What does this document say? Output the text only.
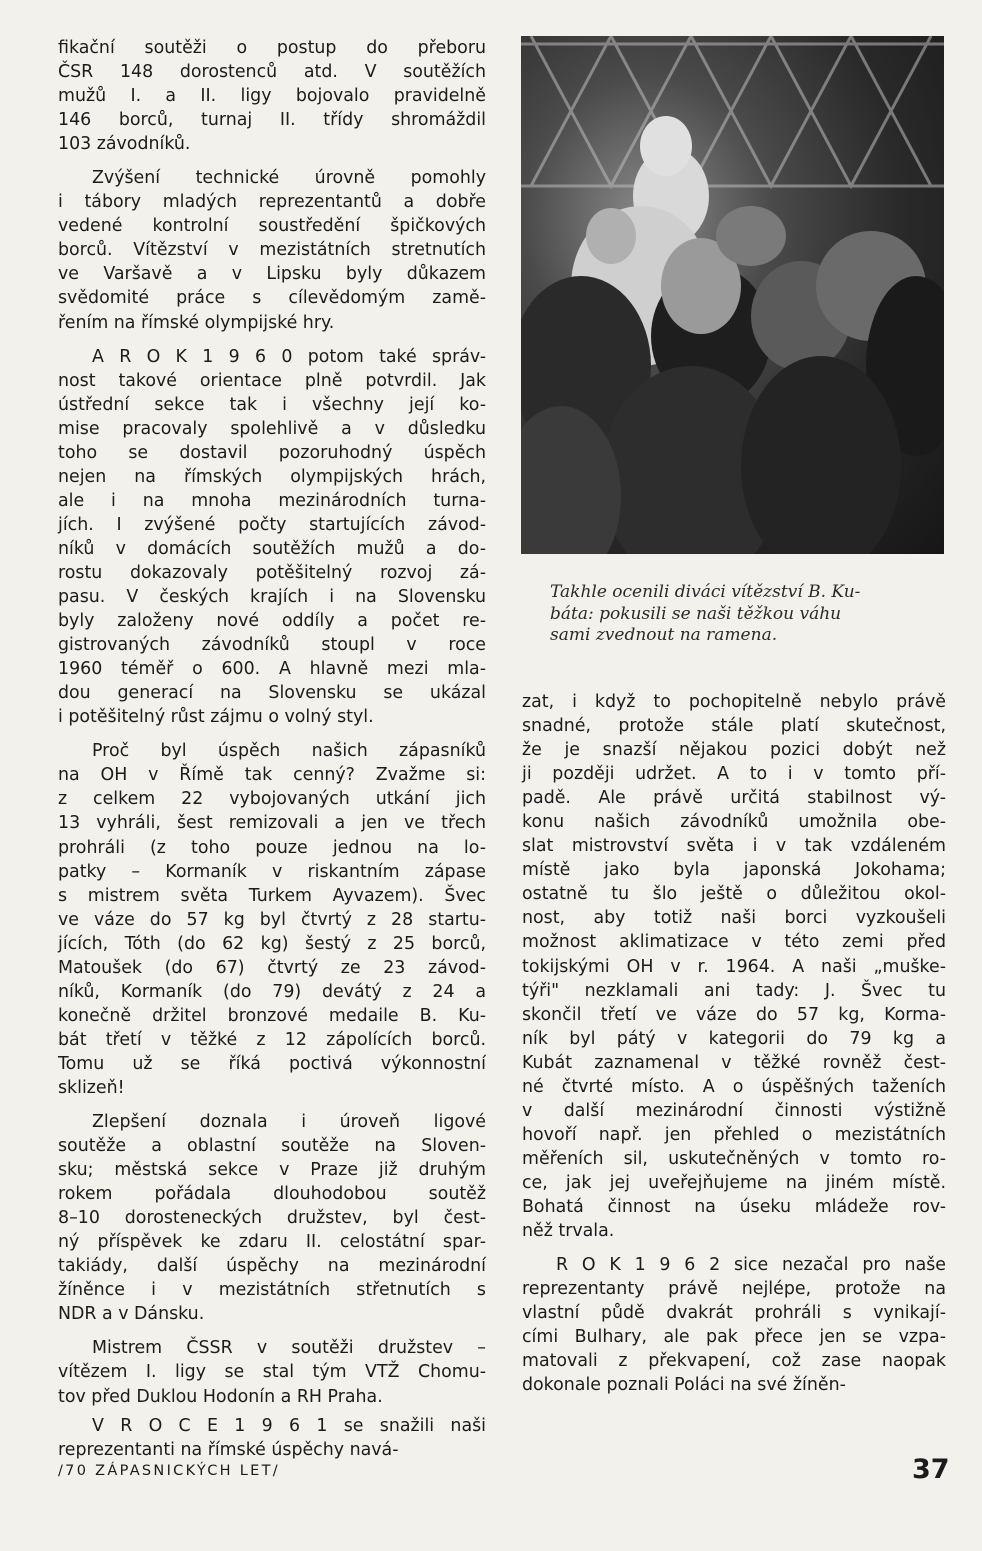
fikační soutěži o postup do přeboru
ČSR 148 dorostenců atd. V soutěžích
mužů I. a II. ligy bojovalo pravidelně
146 borců, turnaj II. třídy shromáždil
103 závodníků.
Zvýšení technické úrovně pomohly
i tábory mladých reprezentantů a dobře
vedené kontrolní soustředění špičkových
borců. Vítězství v mezistátních stretnutích
ve Varšavě a v Lipsku byly důkazem
svědomité práce s cílevědomým zamě-
řením na římské olympijské hry.
A R O K 1 9 6 0 potom také správ-
nost takové orientace plně potvrdil. Jak
ústřední sekce tak i všechny její ko-
mise pracovaly spolehlivě a v důsledku
toho se dostavil pozoruhodný úspěch
nejen na římských olympijských hrách,
ale i na mnoha mezinárodních turna-
jích. I zvýšené počty startujících závod-
níků v domácích soutěžích mužů a do-
rostu dokazovaly potěšitelný rozvoj zá-
pasu. V českých krajích i na Slovensku
byly založeny nové oddíly a počet re-
gistrovaných závodníků stoupl v roce
1960 téměř o 600. A hlavně mezi mla-
dou generací na Slovensku se ukázal
i potěšitelný růst zájmu o volný styl.
Proč byl úspěch našich zápasníků
na OH v Římě tak cenný? Zvažme si:
z celkem 22 vybojovaných utkání jich
13 vyhráli, šest remizovali a jen ve třech
prohráli (z toho pouze jednou na lo-
patky – Kormaník v riskantním zápase
s mistrem světa Turkem Ayvazem). Švec
ve váze do 57 kg byl čtvrtý z 28 startu-
jících, Tóth (do 62 kg) šestý z 25 borců,
Matoušek (do 67) čtvrtý ze 23 závod-
níků, Kormaník (do 79) devátý z 24 a
konečně držitel bronzové medaile B. Ku-
bát třetí v těžké z 12 zápolících borců.
Tomu už se říká poctivá výkonnostní
sklizeň!
Zlepšení doznala i úroveň ligové
soutěže a oblastní soutěže na Sloven-
sku; městská sekce v Praze již druhým
rokem pořádala dlouhodobou soutěž
8–10 dorosteneckých družstev, byl čest-
ný příspěvek ke zdaru II. celostátní spar-
takiády, další úspěchy na mezinárodní
žíněnce i v mezistátních střetnutích s
NDR a v Dánsku.
Mistrem ČSSR v soutěži družstev –
vítězem I. ligy se stal tým VTŽ Chomu-
tov před Duklou Hodonín a RH Praha.
V R O C E 1 9 6 1 se snažili naši
reprezentanti na římské úspěchy navá-
Takhle ocenili diváci vítězství B. Ku-
báta: pokusili se naši těžkou váhu
sami zvednout na ramena.
zat, i když to pochopitelně nebylo právě
snadné, protože stále platí skutečnost,
že je snazší nějakou pozici dobýt než
ji později udržet. A to i v tomto pří-
padě. Ale právě určitá stabilnost vý-
konu našich závodníků umožnila obe-
slat mistrovství světa i v tak vzdáleném
místě jako byla japonská Jokohama;
ostatně tu šlo ještě o důležitou okol-
nost, aby totiž naši borci vyzkoušeli
možnost aklimatizace v této zemi před
tokijskými OH v r. 1964. A naši „muške-
týři" nezklamali ani tady: J. Švec tu
skončil třetí ve váze do 57 kg, Korma-
ník byl pátý v kategorii do 79 kg a
Kubát zaznamenal v těžké rovněž čest-
né čtvrté místo. A o úspěšných taženích
v další mezinárodní činnosti výstižně
hovoří např. jen přehled o mezistátních
měřeních sil, uskutečněných v tomto ro-
ce, jak jej uveřejňujeme na jiném místě.
Bohatá činnost na úseku mládeže rov-
něž trvala.
R O K 1 9 6 2 sice nezačal pro naše
reprezentanty právě nejlépe, protože na
vlastní půdě dvakrát prohráli s vynikají-
cími Bulhary, ale pak přece jen se vzpa-
matovali z překvapení, což zase naopak
dokonale poznali Poláci na své žíněn-
/70 ZÁPASNICKÝCH LET/	37
